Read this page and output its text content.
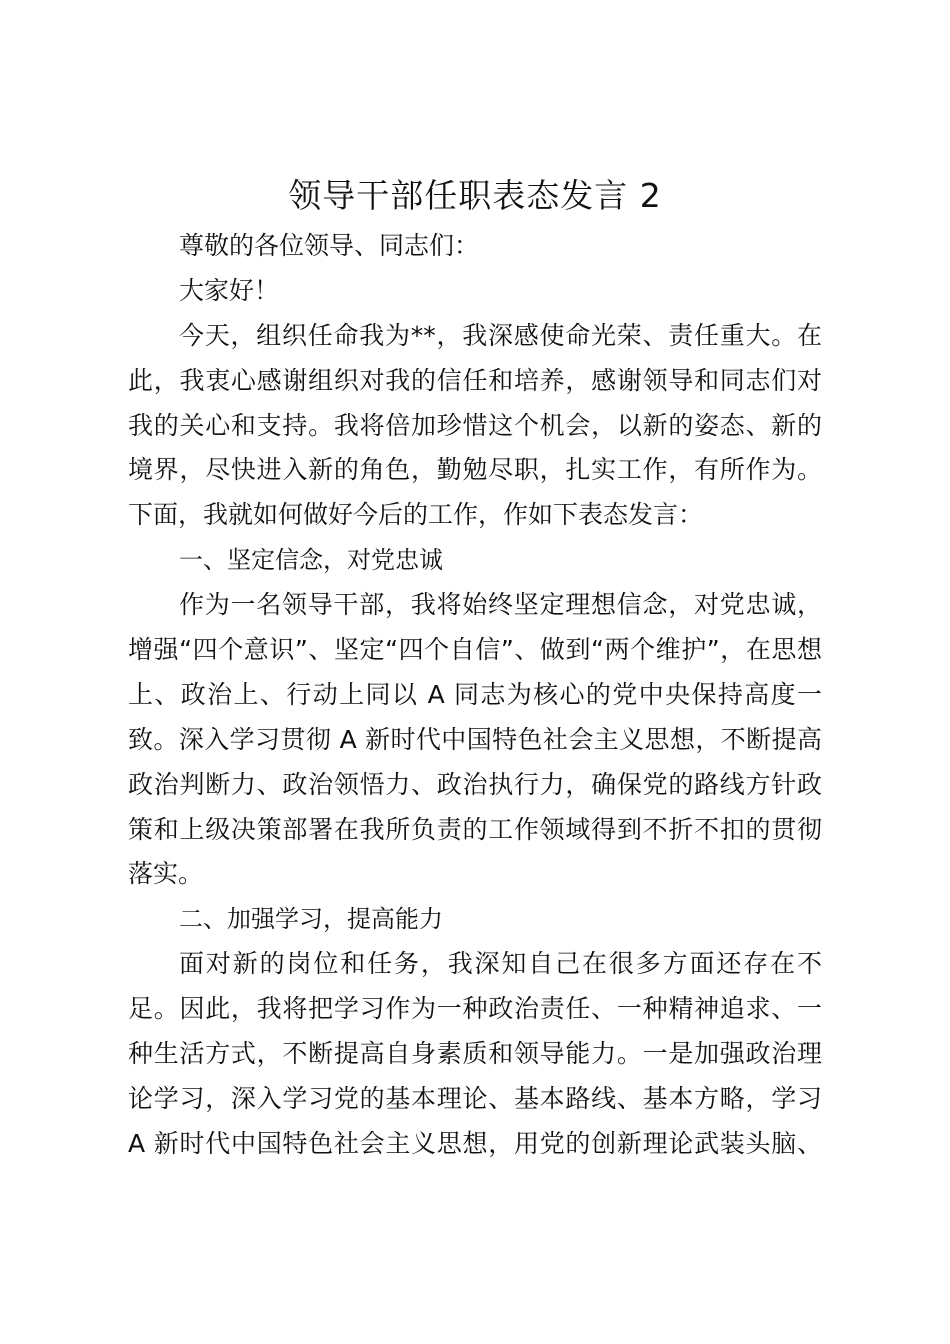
领导干部任职表态发言 2
尊敬的各位领导、同志们：
大家好！
今天，组织任命我为**，我深感使命光荣、责任重大。在
此，我衷心感谢组织对我的信任和培养，感谢领导和同志们对
我的关心和支持。我将倍加珍惜这个机会，以新的姿态、新的
境界，尽快进入新的角色，勤勉尽职，扎实工作，有所作为。
下面，我就如何做好今后的工作，作如下表态发言：
一、坚定信念，对党忠诚
作为一名领导干部，我将始终坚定理想信念，对党忠诚，
增强“四个意识”、坚定“四个自信”、做到“两个维护”，在思想
上、政治上、行动上同以 A 同志为核心的党中央保持高度一
致。深入学习贯彻 A 新时代中国特色社会主义思想，不断提高
政治判断力、政治领悟力、政治执行力，确保党的路线方针政
策和上级决策部署在我所负责的工作领域得到不折不扣的贯彻
落实。
二、加强学习，提高能力
面对新的岗位和任务，我深知自己在很多方面还存在不
足。因此，我将把学习作为一种政治责任、一种精神追求、一
种生活方式，不断提高自身素质和领导能力。一是加强政治理
论学习，深入学习党的基本理论、基本路线、基本方略，学习
A 新时代中国特色社会主义思想，用党的创新理论武装头脑、
